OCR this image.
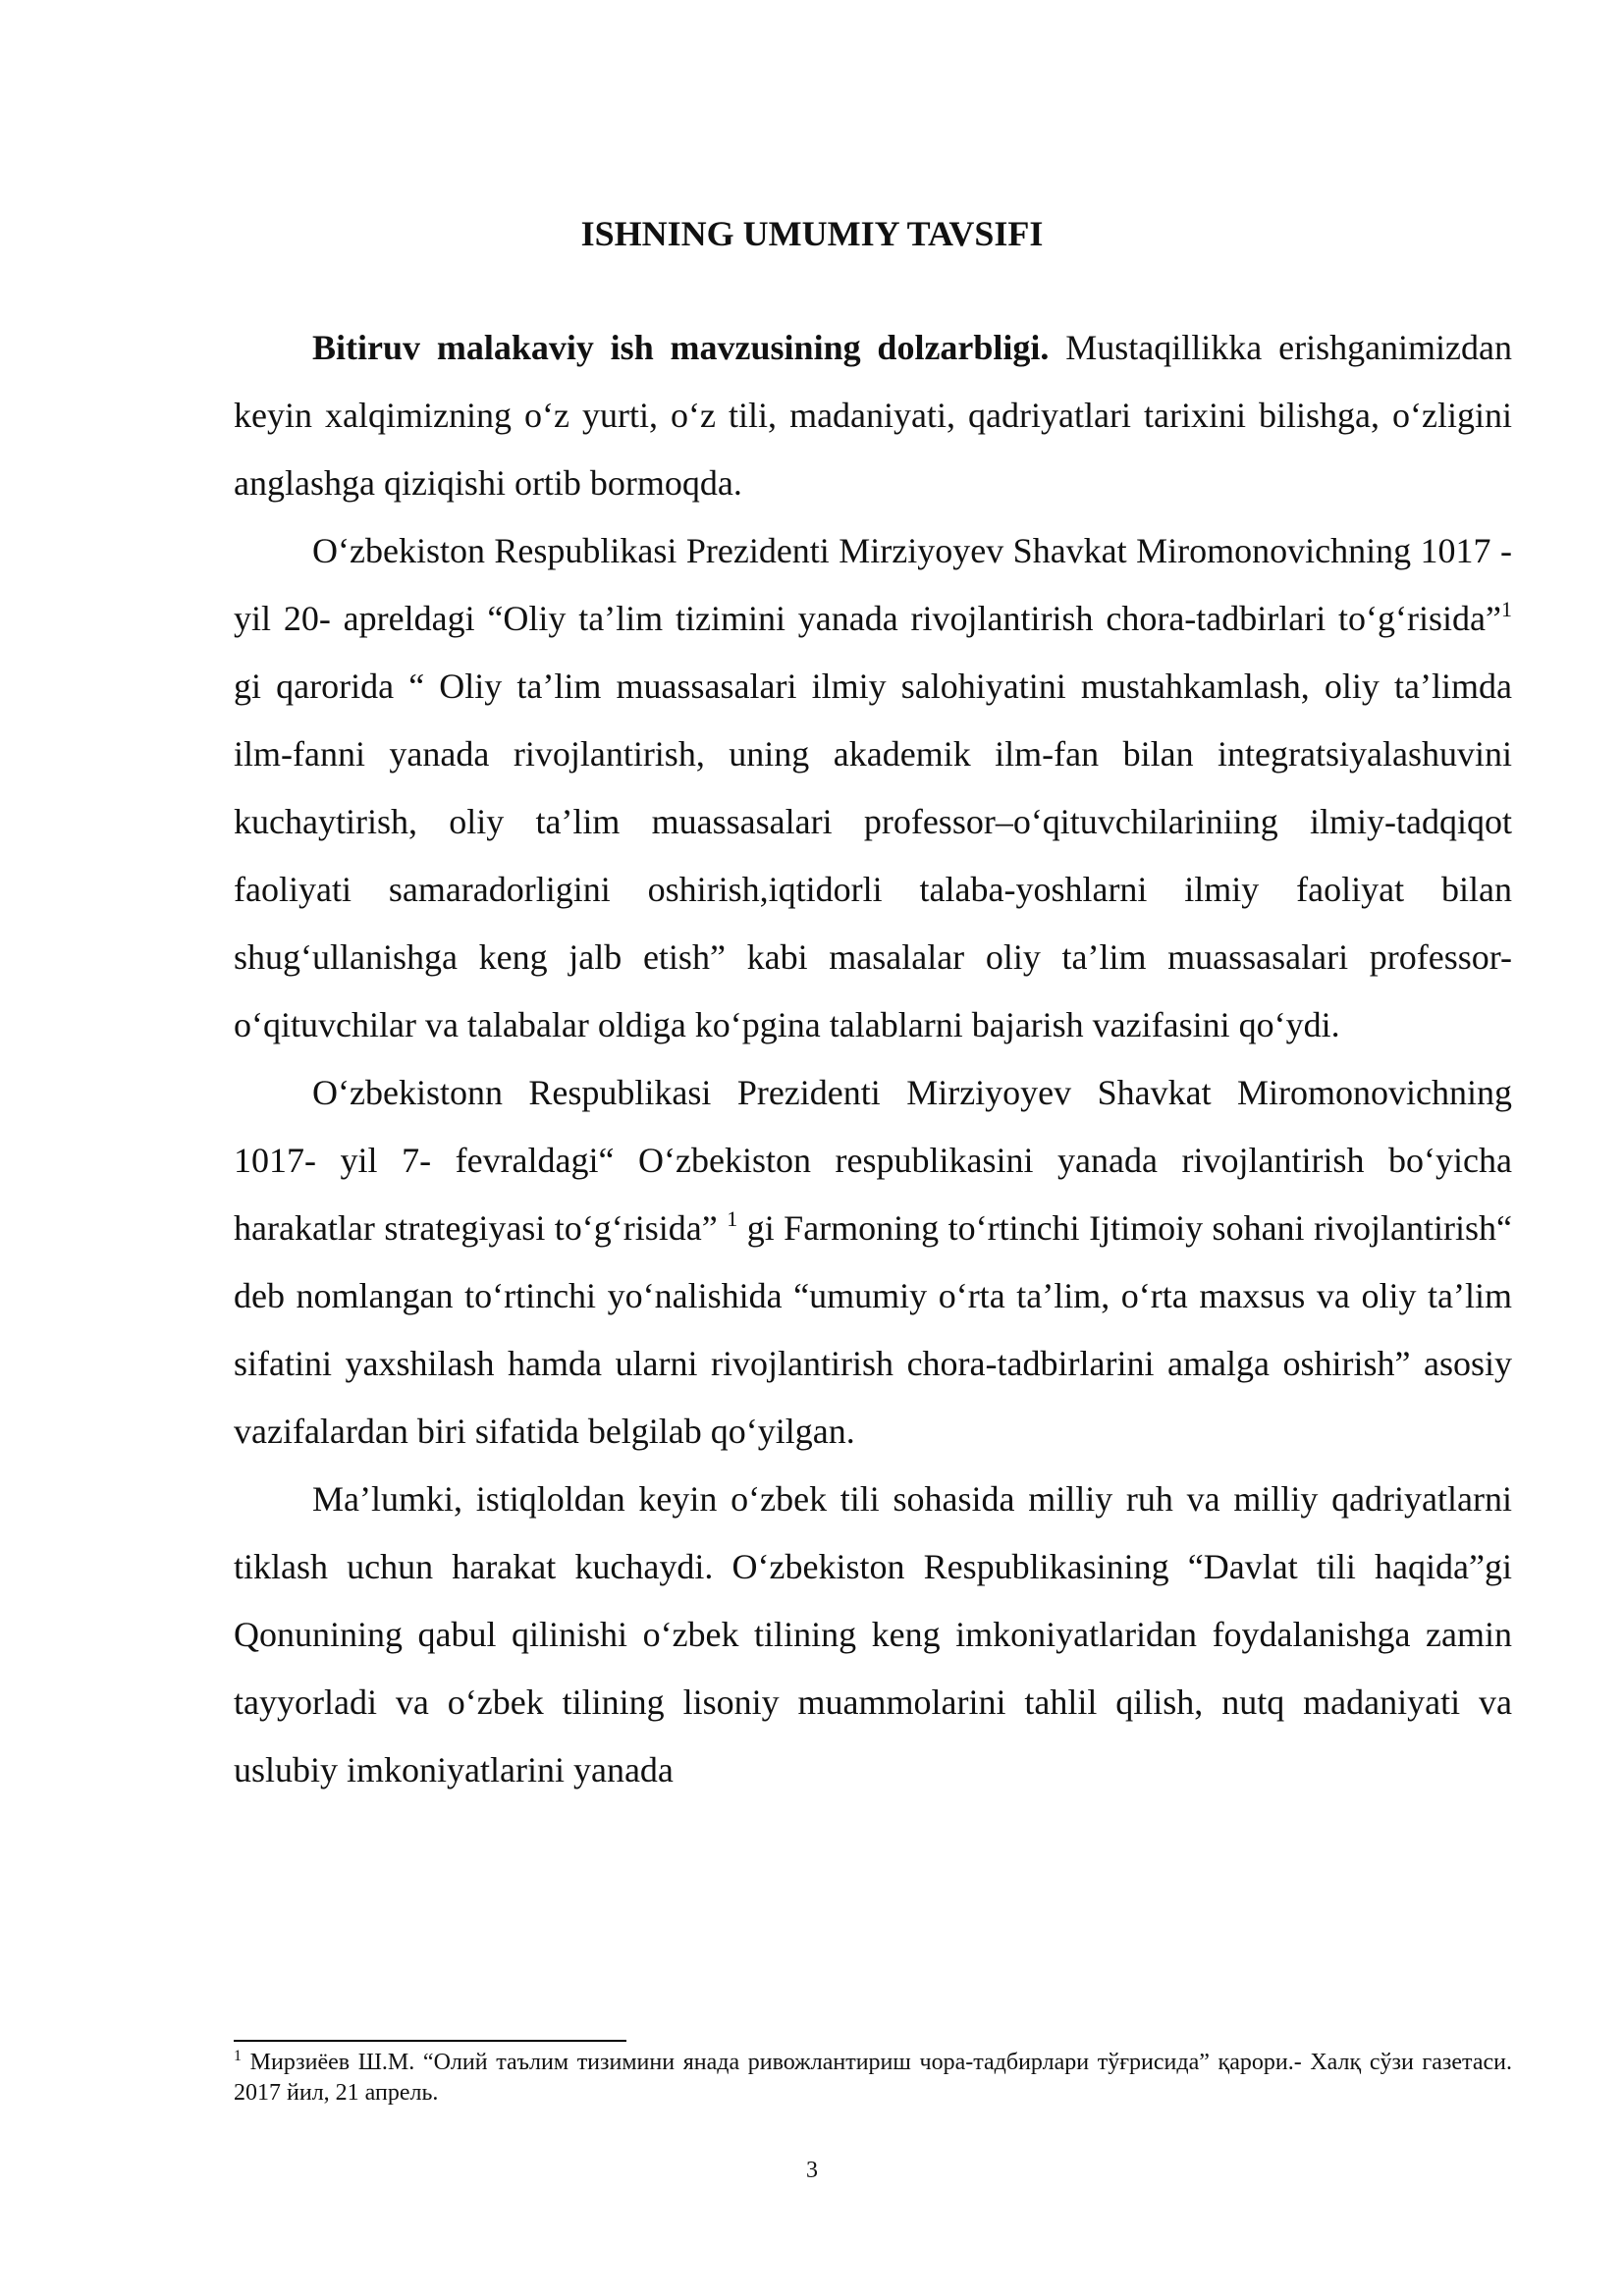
ISHNING UMUMIY TAVSIFI

Bitiruv malakaviy ish mavzusining dolzarbligi. Mustaqillikka erishganimizdan keyin xalqimizning o‘z yurti, o‘z tili, madaniyati, qadriyatlari tarixini bilishga, o‘zligini anglashga qiziqishi ortib bormoqda.

O‘zbekiston Respublikasi Prezidenti Mirziyoyev Shavkat Miromonovichning 1017 -yil 20- apreldagi “Oliy ta’lim tizimini yanada rivojlantirish chora-tadbirlari to‘g‘risida”$^1$ gi qarorida “ Oliy ta’lim muassasalari ilmiy salohiyatini mustahkamlash, oliy ta’limda ilm-fanni yanada rivojlantirish, uning akademik ilm-fan bilan integratsiyalashuvini kuchaytirish, oliy ta’lim muassasalari professor–o‘qituvchilariniing ilmiy-tadqiqot faoliyati samaradorligini oshirish,iqtidorli talaba-yoshlarni ilmiy faoliyat bilan shug‘ullanishga keng jalb etish” kabi masalalar oliy ta’lim muassasalari professor-o‘qituvchilar va talabalar oldiga ko‘pgina talablarni bajarish vazifasini qo‘ydi.

O‘zbekistonn Respublikasi Prezidenti Mirziyoyev Shavkat Miromonovichning 1017- yil 7- fevraldagi“ O‘zbekiston respublikasini yanada rivojlantirish bo‘yicha harakatlar strategiyasi to‘g‘risida” $^1$ gi Farmoning to‘rtinchi Ijtimoiy sohani rivojlantirish“ deb nomlangan to‘rtinchi yo‘nalishida “umumiy o‘rta ta’lim, o‘rta maxsus va oliy ta’lim sifatini yaxshilash hamda ularni rivojlantirish chora-tadbirlarini amalga oshirish” asosiy vazifalardan biri sifatida belgilab qo‘yilgan.

Ma’lumki, istiqloldan keyin o‘zbek tili sohasida milliy ruh va milliy qadriyatlarni tiklash uchun harakat kuchaydi. O‘zbekiston Respublikasining “Davlat tili haqida”gi Qonunining qabul qilinishi o‘zbek tilining keng imkoniyatlaridan foydalanishga zamin tayyorladi va o‘zbek tilining lisoniy muammolarini tahlil qilish, nutq madaniyati va uslubiy imkoniyatlarini yanada

$^1$ Мирзиёев Ш.М. “Олий таълим тизимини янада ривожлантириш чора-тадбирлари тўғрисида” қарори.- Халқ сўзи газетаси. 2017 йил, 21 апрель.

3
